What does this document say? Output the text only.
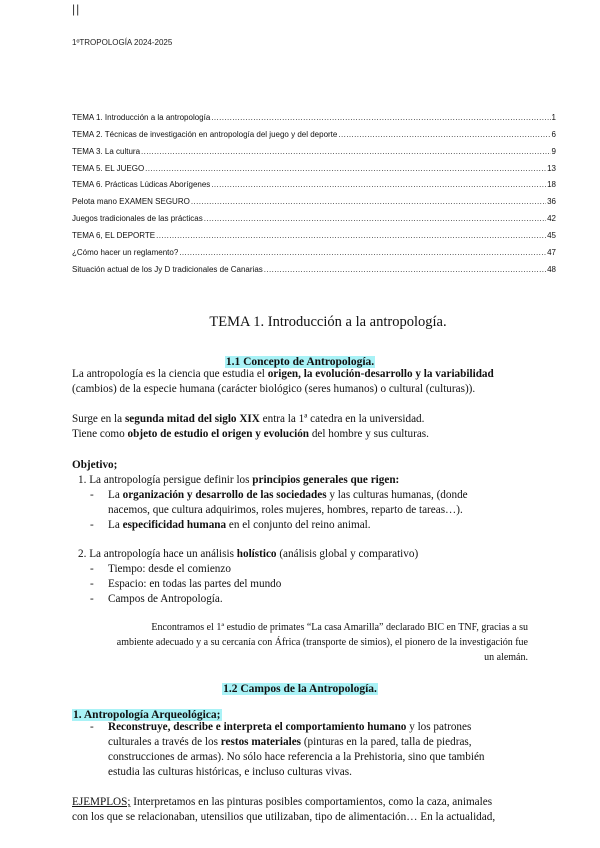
||
1ºTROPOLOGÍA 2024-2025
TEMA 1. Introducción a la antropología .....	1
TEMA 2. Técnicas de investigación en antropología del juego y del deporte .....	6
TEMA 3. La cultura .....	9
TEMA 5. EL JUEGO .....	13
TEMA 6. Prácticas Lúdicas Aborígenes .....	18
Pelota mano EXAMEN SEGURO .....	36
Juegos tradicionales de las prácticas .....	42
TEMA 6, EL DEPORTE .....	45
¿Cómo hacer un reglamento? .....	47
Situación actual de los Jy D tradicionales de Canarias .....	48
TEMA 1. Introducción a la antropología.
1.1 Concepto de Antropología.
La antropología es la ciencia que estudia el origen, la evolución-desarrollo y la variabilidad
(cambios) de la especie humana (carácter biológico (seres humanos) o cultural (culturas)).
Surge en la segunda mitad del siglo XIX entra la 1ª catedra en la universidad.
Tiene como objeto de estudio el origen y evolución del hombre y sus culturas.
Objetivo;
1. La antropología persigue definir los principios generales que rigen:
- La organización y desarrollo de las sociedades y las culturas humanas, (donde
nacemos, que cultura adquirimos, roles mujeres, hombres, reparto de tareas…).
- La especificidad humana en el conjunto del reino animal.
2. La antropología hace un análisis holístico (análisis global y comparativo)
- Tiempo: desde el comienzo
- Espacio: en todas las partes del mundo
- Campos de Antropología.
Encontramos el 1ª estudio de primates “La casa Amarilla” declarado BIC en TNF, gracias a su
ambiente adecuado y a su cercanía con África (transporte de simios), el pionero de la investigación fue
un alemán.
1.2 Campos de la Antropología.
1. Antropología Arqueológica;
- Reconstruye, describe e interpreta el comportamiento humano y los patrones
culturales a través de los restos materiales (pinturas en la pared, talla de piedras,
construcciones de armas). No sólo hace referencia a la Prehistoria, sino que también
estudia las culturas históricas, e incluso culturas vivas.
EJEMPLOS; Interpretamos en las pinturas posibles comportamientos, como la caza, animales
con los que se relacionaban, utensilios que utilizaban, tipo de alimentación… En la actualidad,
